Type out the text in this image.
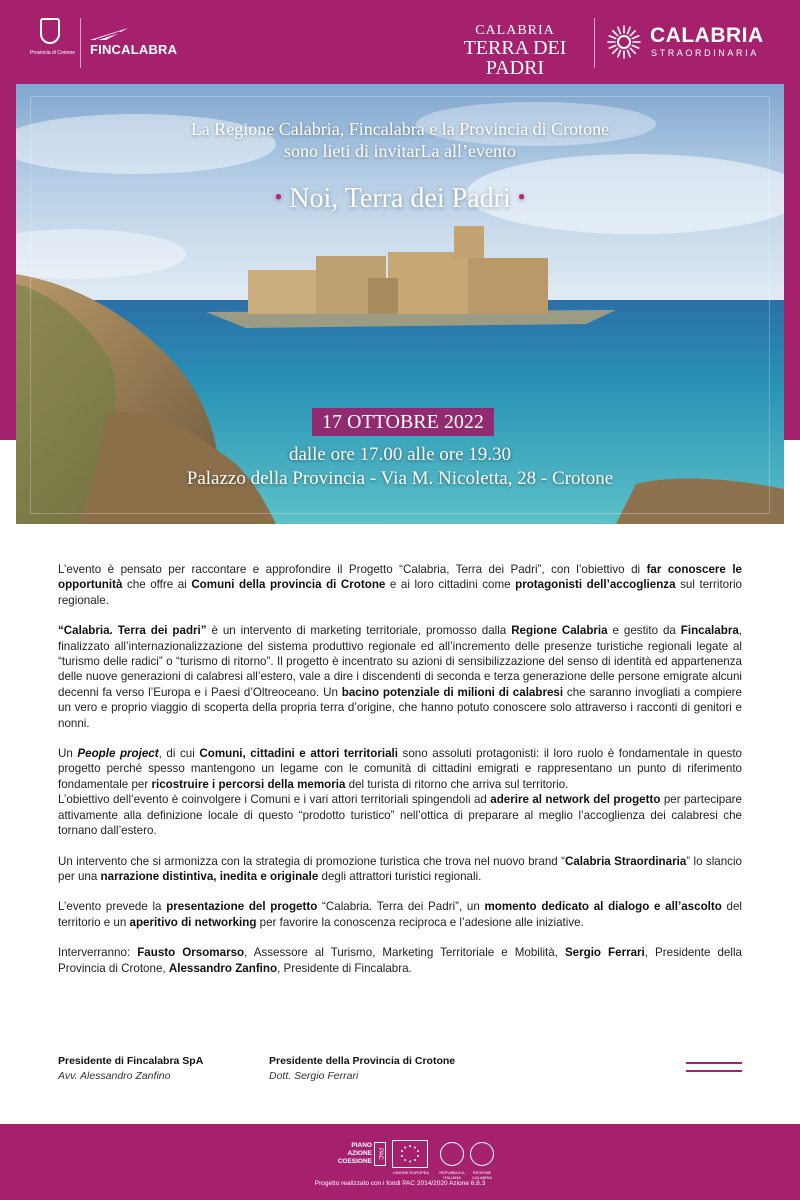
Provincia di Crotone FINCALABRA
CALABRIA
TERRA DEI PADRI
CALABRIA
STRAORDINARIA
La Regione Calabria, Fincalabra e la Provincia di Crotone
sono lieti di invitarLa all’evento
• Noi, Terra dei Padri •
17 OTTOBRE 2022
dalle ore 17.00 alle ore 19.30
Palazzo della Provincia - Via M. Nicoletta, 28 - Crotone

L’evento è pensato per raccontare e approfondire il Progetto “Calabria, Terra dei Padri”, con l’obiettivo di far conoscere le opportunità che offre ai Comuni della provincia di Crotone e ai loro cittadini come protagonisti dell’accoglienza sul territorio regionale.

“Calabria. Terra dei padri” è un intervento di marketing territoriale, promosso dalla Regione Calabria e gestito da Fincalabra, finalizzato all’internazionalizzazione del sistema produttivo regionale ed all’incremento delle presenze turistiche regionali legate al “turismo delle radici” o “turismo di ritorno”. Il progetto è incentrato su azioni di sensibilizzazione del senso di identità ed appartenenza delle nuove generazioni di calabresi all’estero, vale a dire i discendenti di seconda e terza generazione delle persone emigrate alcuni decenni fa verso l’Europa e i Paesi d’Oltreoceano. Un bacino potenziale di milioni di calabresi che saranno invogliati a compiere un vero e proprio viaggio di scoperta della propria terra d’origine, che hanno potuto conoscere solo attraverso i racconti di genitori e nonni.

Un People project, di cui Comuni, cittadini e attori territoriali sono assoluti protagonisti: il loro ruolo è fondamentale in questo progetto perché spesso mantengono un legame con le comunità di cittadini emigrati e rappresentano un punto di riferimento fondamentale per ricostruire i percorsi della memoria del turista di ritorno che arriva sul territorio.

L’obiettivo dell’evento è coinvolgere i Comuni e i vari attori territoriali spingendoli ad aderire al network del progetto per partecipare attivamente alla definizione locale di questo “prodotto turistico” nell’ottica di preparare al meglio l’accoglienza dei calabresi che tornano dall’estero.

Un intervento che si armonizza con la strategia di promozione turistica che trova nel nuovo brand “Calabria Straordinaria” lo slancio per una narrazione distintiva, inedita e originale degli attrattori turistici regionali.

L’evento prevede la presentazione del progetto “Calabria. Terra dei Padri”, un momento dedicato al dialogo e all’ascolto del territorio e un aperitivo di networking per favorire la conoscenza reciproca e l’adesione alle iniziative.

Interverranno: Fausto Orsomarso, Assessore al Turismo, Marketing Territoriale e Mobilità, Sergio Ferrari, Presidente della Provincia di Crotone, Alessandro Zanfino, Presidente di Fincalabra.

Presidente di Fincalabra SpA
Avv. Alessandro Zanfino
Presidente della Provincia di Crotone
Dott. Sergio Ferrari
PIANO
AZIONE
COESIONE
PAC
UNIONE EUROPEA	REPUBBLICA ITALIANA
REGIONE CALABRIA
Progetto realizzato con i fondi PAC 2014/2020 Azione 6.8.3
